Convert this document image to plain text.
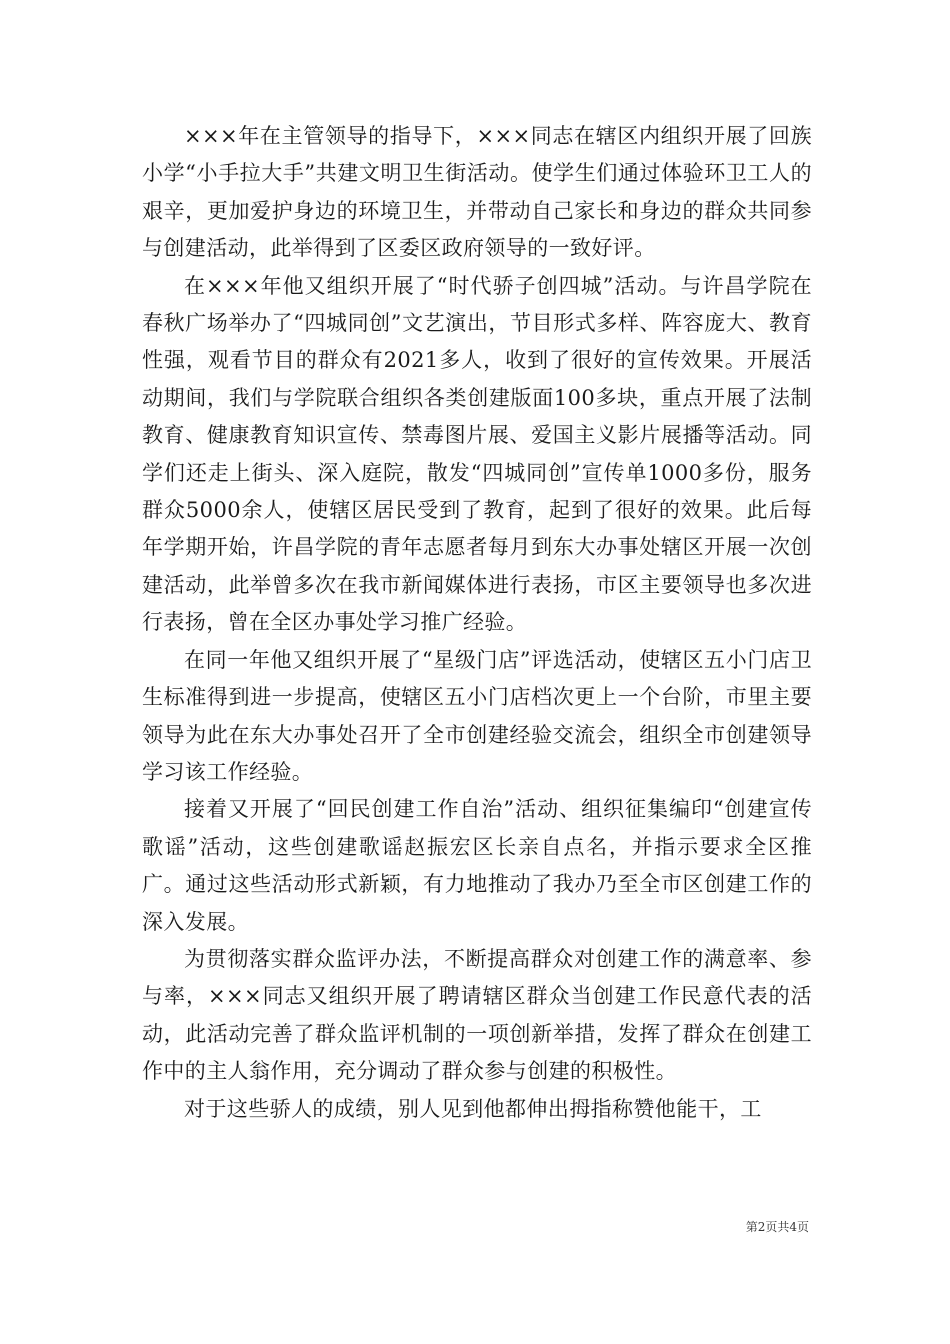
×××年在主管领导的指导下，×××同志在辖区内组织开展了回族小学“小手拉大手”共建文明卫生街活动。使学生们通过体验环卫工人的艰辛，更加爱护身边的环境卫生，并带动自己家长和身边的群众共同参与创建活动，此举得到了区委区政府领导的一致好评。

在×××年他又组织开展了“时代骄子创四城”活动。与许昌学院在春秋广场举办了“四城同创”文艺演出，节目形式多样、阵容庞大、教育性强，观看节目的群众有2021多人，收到了很好的宣传效果。开展活动期间，我们与学院联合组织各类创建版面100多块，重点开展了法制教育、健康教育知识宣传、禁毒图片展、爱国主义影片展播等活动。同学们还走上街头、深入庭院，散发“四城同创”宣传单1000多份，服务群众5000余人，使辖区居民受到了教育，起到了很好的效果。此后每年学期开始，许昌学院的青年志愿者每月到东大办事处辖区开展一次创建活动，此举曾多次在我市新闻媒体进行表扬，市区主要领导也多次进行表扬，曾在全区办事处学习推广经验。

在同一年他又组织开展了“星级门店”评选活动，使辖区五小门店卫生标准得到进一步提高，使辖区五小门店档次更上一个台阶，市里主要领导为此在东大办事处召开了全市创建经验交流会，组织全市创建领导学习该工作经验。

接着又开展了“回民创建工作自治”活动、组织征集编印“创建宣传歌谣”活动，这些创建歌谣赵振宏区长亲自点名，并指示要求全区推广。通过这些活动形式新颖，有力地推动了我办乃至全市区创建工作的深入发展。

为贯彻落实群众监评办法，不断提高群众对创建工作的满意率、参与率，×××同志又组织开展了聘请辖区群众当创建工作民意代表的活动，此活动完善了群众监评机制的一项创新举措，发挥了群众在创建工作中的主人翁作用，充分调动了群众参与创建的积极性。

对于这些骄人的成绩，别人见到他都伸出拇指称赞他能干，工

第2页共4页
